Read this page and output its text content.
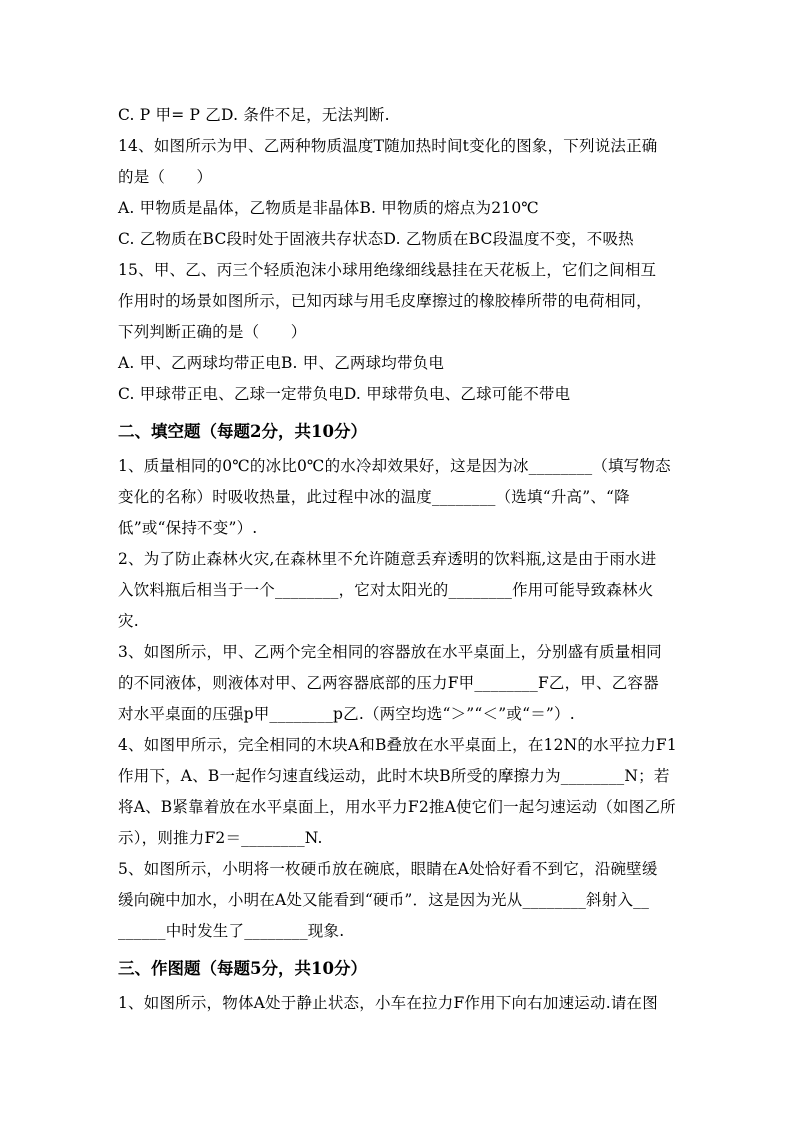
C. P 甲= P 乙D. 条件不足，无法判断.
14、如图所示为甲、乙两种物质温度T随加热时间t变化的图象，下列说法正确
的是（　　）
A. 甲物质是晶体，乙物质是非晶体B. 甲物质的熔点为210℃
C. 乙物质在BC段时处于固液共存状态D. 乙物质在BC段温度不变，不吸热
15、甲、乙、丙三个轻质泡沫小球用绝缘细线悬挂在天花板上，它们之间相互
作用时的场景如图所示，已知丙球与用毛皮摩擦过的橡胶棒所带的电荷相同，
下列判断正确的是（　　）
A. 甲、乙两球均带正电B. 甲、乙两球均带负电
C. 甲球带正电、乙球一定带负电D. 甲球带负电、乙球可能不带电
二、填空题（每题2分，共10分）
1、质量相同的0℃的冰比0℃的水冷却效果好，这是因为冰________（填写物态
变化的名称）时吸收热量，此过程中冰的温度________（选填“升高”、“降
低”或“保持不变”）.
2、为了防止森林火灾,在森林里不允许随意丢弃透明的饮料瓶,这是由于雨水进
入饮料瓶后相当于一个________，它对太阳光的________作用可能导致森林火
灾.
3、如图所示，甲、乙两个完全相同的容器放在水平桌面上，分别盛有质量相同
的不同液体，则液体对甲、乙两容器底部的压力F甲________F乙，甲、乙容器
对水平桌面的压强p甲________p乙.（两空均选“＞”“＜”或“＝”）.
4、如图甲所示，完全相同的木块A和B叠放在水平桌面上，在12N的水平拉力F1
作用下，A、B一起作匀速直线运动，此时木块B所受的摩擦力为________N；若
将A、B紧靠着放在水平桌面上，用水平力F2推A使它们一起匀速运动（如图乙所
示），则推力F2＝________N.
5、如图所示，小明将一枚硬币放在碗底，眼睛在A处恰好看不到它，沿碗壁缓
缓向碗中加水，小明在A处又能看到“硬币”．这是因为光从________斜射入__
______中时发生了________现象.
三、作图题（每题5分，共10分）
1、如图所示，物体A处于静止状态，小车在拉力F作用下向右加速运动.请在图
